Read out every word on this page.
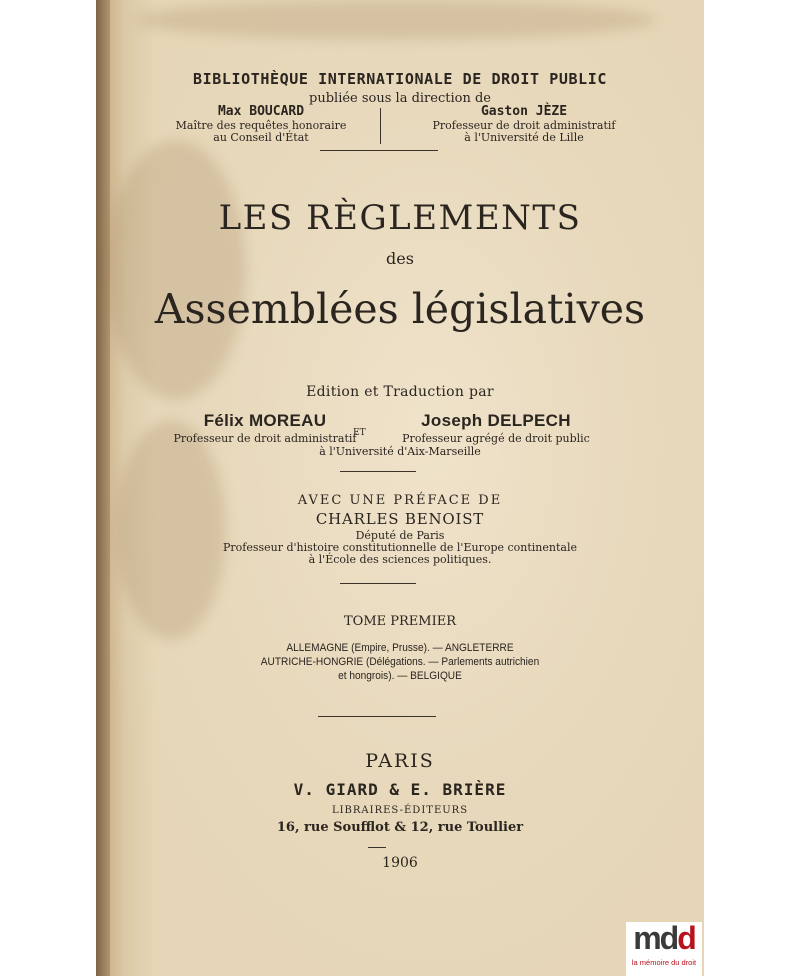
BIBLIOTHÈQUE INTERNATIONALE DE DROIT PUBLIC
publiée sous la direction de
Max BOUCARD
Maître des requêtes honoraire
au Conseil d'État
Gaston JÈZE
Professeur de droit administratif
à l'Université de Lille
LES RÈGLEMENTS
des
Assemblées législatives
Edition et Traduction par
Félix MOREAU
Professeur de droit administratif
ET
Joseph DELPECH
Professeur agrégé de droit public
à l'Université d'Aix-Marseille
AVEC UNE PRÉFACE DE
CHARLES BENOIST
Député de Paris
Professeur d'histoire constitutionnelle de l'Europe continentale
à l'École des sciences politiques.
TOME PREMIER
ALLEMAGNE (Empire, Prusse). — ANGLETERRE
AUTRICHE-HONGRIE (Délégations. — Parlements autrichien
et hongrois). — BELGIQUE
PARIS
V. GIARD & E. BRIÈRE
LIBRAIRES-ÉDITEURS
16, rue Soufflot & 12, rue Toullier
1906
mdd
la mémoire du droit
